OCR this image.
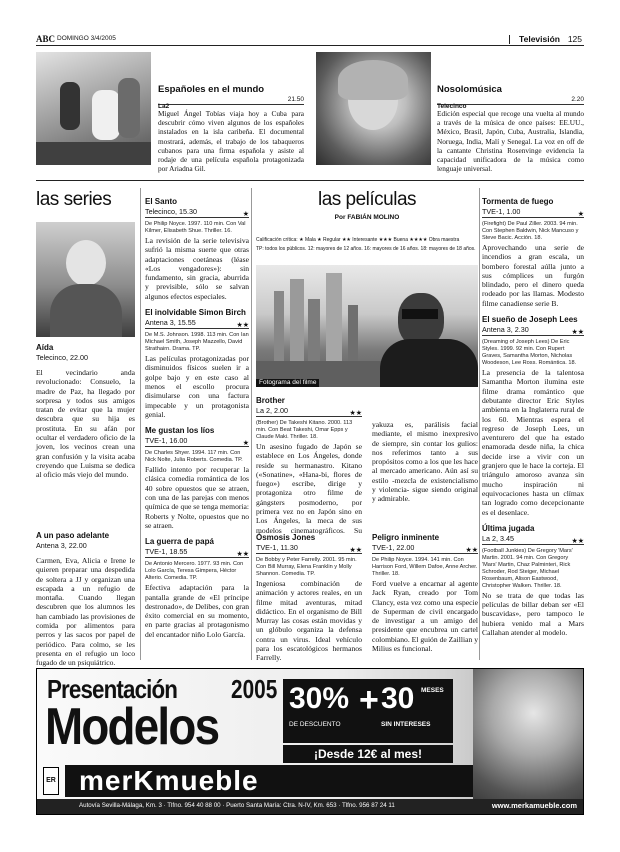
ABC DOMINGO 3/4/2005	Televisión 125
Españoles en el mundo
La2
21.50

Miguel Ángel Tobías viaja hoy a Cuba para descubrir cómo viven algunos de los españoles instalados en la isla caribeña. El documental mostrará, además, el trabajo de los tabaqueros cubanos para una firma española y asiste al rodaje de una película española protagonizada por Ariadna Gil.

Nosolomúsica
Telecinco
2.20

Edición especial que recoge una vuelta al mundo a través de la música de once países: EE.UU., México, Brasil, Japón, Cuba, Australia, Islandia, Noruega, India, Malí y Senegal. La voz en off de la cantante Christina Rosenvinge evidencia la capacidad unificadora de la música como lenguaje universal.

las series
Aída
Telecinco, 22.00

El vecindario anda revolucionado: Consuelo, la madre de Paz, ha llegado por sorpresa y todos sus amigos tratan de evitar que la mujer descubra que su hija es prostituta. En su afán por ocultar el verdadero oficio de la joven, los vecinos crean una gran confusión y la visita acaba creyendo que Luisma se dedica al oficio más viejo del mundo.

A un paso adelante
Antena 3, 22.00

Carmen, Eva, Alicia e Irene le quieren preparar una despedida de soltera a JJ y organizan una escapada a un refugio de montaña. Cuando llegan descubren que los alumnos les han cambiado las provisiones de comida por alimentos para perros y las sacos por papel de periódico. Para colmo, se les presenta en el refugio un loco fugado de un psiquiátrico.

El Santo
Telecinco, 15.30	★

De Philip Noyce. 1997. 110 min. Con Val Kilmer, Elisabeth Shue. Thriller. 16.

La revisión de la serie televisiva sufrió la misma suerte que otras adaptaciones coetáneas (léase «Los vengadores»): sin fundamento, sin gracia, aburrida y previsible, sólo se salvan algunos efectos especiales.

El inolvidable Simon Birch
Antena 3, 15.55	★★

De M.S. Johnson. 1998. 113 min. Con Ian Michael Smith, Joseph Mazzello, David Strathairn. Drama. TP.

Las películas protagonizadas por disminuidos físicos suelen ir a golpe bajo y en este caso al menos el escollo procura disimularse con una factura impecable y un protagonista genial.

Me gustan los líos
TVE-1, 16.00	★

De Charles Shyer. 1994. 117 min. Con Nick Nolte, Julia Roberts. Comedia. TP.

Fallido intento por recuperar la clásica comedia romántica de los 40 sobre opuestos que se atraen, con una de las parejas con menos química de que se tenga memoria: Roberts y Nolte, opuestos que no se atraen.

La guerra de papá
TVE-1, 18.55	★★

De Antonio Mercero. 1977. 93 min. Con Lolo García, Teresa Gimpera, Héctor Alterio. Comedia. TP.

Efectiva adaptación para la pantalla grande de «El príncipe destronado», de Delibes, con gran éxito comercial en su momento, en parte gracias al protagonismo del encantador niño Lolo García.

las películas
Por FABIÁN MOLINO
Calificación crítica: ★ Mala ★ Regular ★★ Interesante ★★★ Buena ★★★★ Obra maestra
TP: todos los públicos. 12: mayores de 12 años. 16: mayores de 16 años. 18: mayores de 18 años.
Fotograma del filme
Brother
La 2, 2.00	★★

(Brother) De Takeshi Kitano. 2000. 113 min. Con Beat Takeshi, Omar Epps y Claude Maki. Thriller. 18.

Un asesino fugado de Japón se establece en Los Ángeles, donde reside su hermanastro. Kitano («Sonatine», «Hana-bi, flores de fuego») escribe, dirige y protagoniza otro filme de gángsters posmoderno, por primera vez no en Japón sino en Los Ángeles, la meca de sus modelos cinematográficos. Su yakuza es, parálisis facial mediante, el mismo inexpresivo de siempre, sin contar los gulios: nos referimos tanto a sus propósitos como a los que les hace al mercado americano. Aún así su estilo -mezcla de existencialismo y violencia- sigue siendo original y admirable.

Ósmosis Jones
TVE-1, 11.30	★★

De Bobby y Peter Farrelly. 2001. 95 min. Con Bill Murray, Elena Franklin y Molly Shannon. Comedia. TP.

Ingeniosa combinación de animación y actores reales, en un filme mitad aventuras, mitad didáctico. En el organismo de Bill Murray las cosas están movidas y un glóbulo organiza la defensa contra un virus. Ideal vehículo para los escatológicos hermanos Farrelly.

Peligro inminente
TVE-1, 22.00	★★

De Philip Noyce. 1994. 141 min. Con Harrison Ford, Willem Dafoe, Anne Archer. Thriller. 18.

Ford vuelve a encarnar al agente Jack Ryan, creado por Tom Clancy, esta vez como una especie de Superman de civil encargado de investigar a un amigo del presidente que encubrea un cartel colombiano. El guión de Zaillian y Milius es funcional.

Tormenta de fuego
TVE-1, 1.00	★

(Firefight) De Paul Ziller. 2003. 94 min. Con Stephen Baldwin, Nick Mancuso y Steve Bacic. Acción. 18.

Aprovechando una serie de incendios a gran escala, un bombero forestal aúlla junto a sus cómplices un furgón blindado, pero el dinero queda rodeado por las llamas. Modesto filme canadiense serie B.

El sueño de Joseph Lees
Antena 3, 2.30	★★

(Dreaming of Joseph Lees) De Eric Styles. 1999. 92 min. Con Rupert Graves, Samantha Morton, Nicholas Woodeson, Lee Ross. Romántica. 18.

La presencia de la talentosa Samantha Morton ilumina este filme drama romántico que debutante director Eric Styles ambienta en la Inglaterra rural de los 60. Mientras espera el regreso de Joseph Lees, un aventurero del que ha estado enamorada desde niña, la chica decide irse a vivir con un granjero que le hace la corteja. El triángulo amoroso avanza sin mucho inspiración ni equivocaciones hasta un clímax tan logrado como decepcionante es el desenlace.

Última jugada
La 2, 3.45	★★

(Football Junkies) De Gregory 'Mars' Martin. 2001. 94 min. Con Gregory 'Mars' Martin, Chaz Palminteri, Rick Schroder, Rod Steiger, Michael Rosenbaum, Alison Eastwood, Christopher Walken. Thriller. 18.

No se trata de que todas las películas de billar deban ser «El buscavidas», pero tampoco le hubiera venido mal a Mars Callahan atender al modelo.

Presentación 2005
Modelos 30%
DE DESCUENTO
+ 30 MESES
SIN INTERESES
¡Desde 12€ al mes!
ER merKmueble
Autovía Sevilla-Málaga, Km. 3 · Tlfno. 954 40 88 00 · Puerto Santa María: Ctra. N-IV, Km. 653 · Tlfno. 956 87 24 11	www.merkamueble.com
